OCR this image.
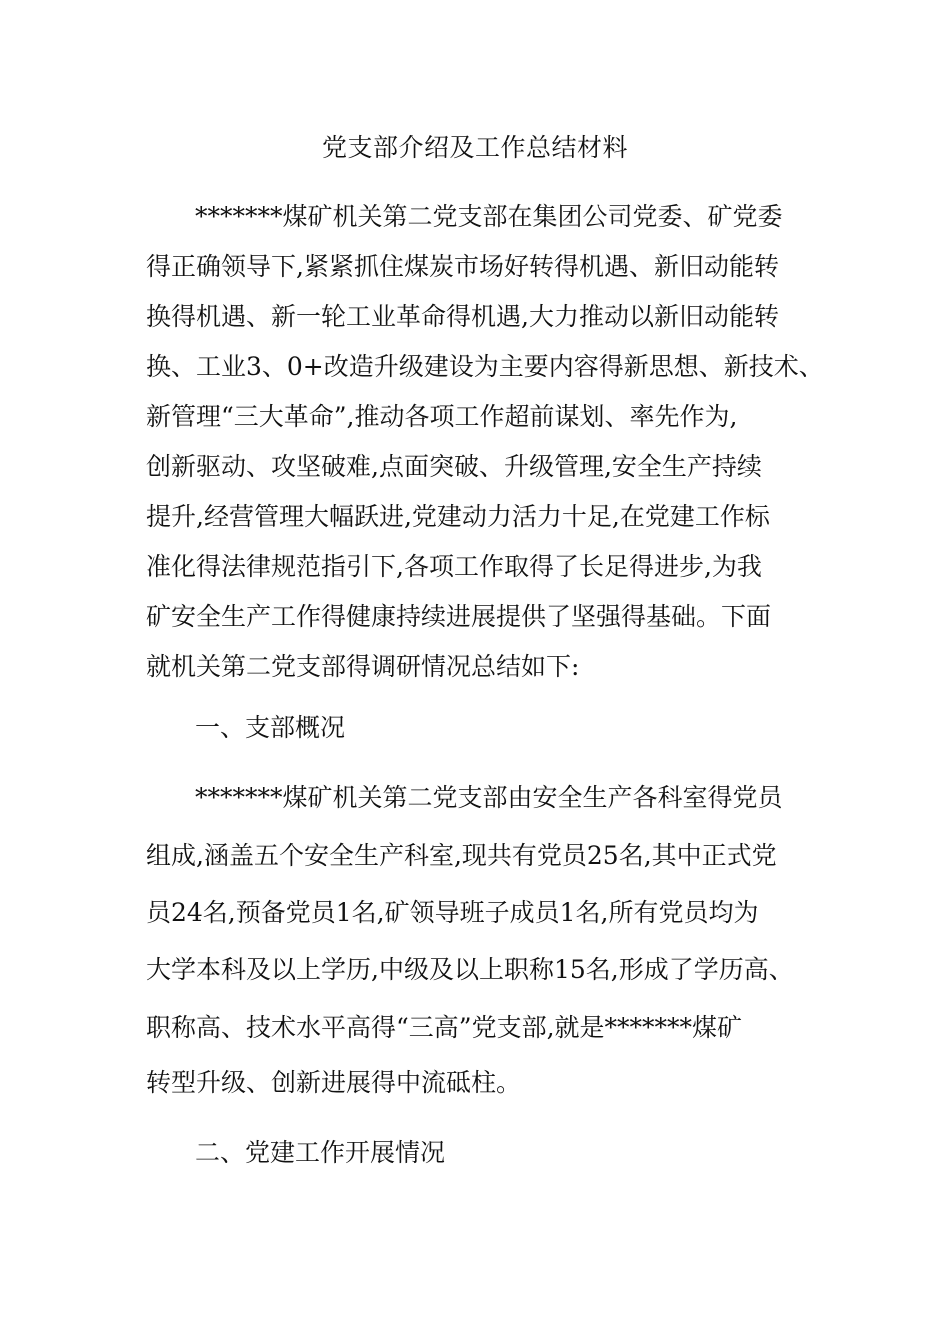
党支部介绍及工作总结材料

*******煤矿机关第二党支部在集团公司党委、矿党委

得正确领导下,紧紧抓住煤炭市场好转得机遇、新旧动能转

换得机遇、新一轮工业革命得机遇,大力推动以新旧动能转

换、工业3、0+改造升级建设为主要内容得新思想、新技术、

新管理“三大革命”,推动各项工作超前谋划、率先作为,

创新驱动、攻坚破难,点面突破、升级管理,安全生产持续

提升,经营管理大幅跃进,党建动力活力十足,在党建工作标

准化得法律规范指引下,各项工作取得了长足得进步,为我

矿安全生产工作得健康持续进展提供了坚强得基础。下面

就机关第二党支部得调研情况总结如下:

一、支部概况

*******煤矿机关第二党支部由安全生产各科室得党员

组成,涵盖五个安全生产科室,现共有党员25名,其中正式党

员24名,预备党员1名,矿领导班子成员1名,所有党员均为

大学本科及以上学历,中级及以上职称15名,形成了学历高、

职称高、技术水平高得“三高”党支部,就是*******煤矿

转型升级、创新进展得中流砥柱。

二、党建工作开展情况
